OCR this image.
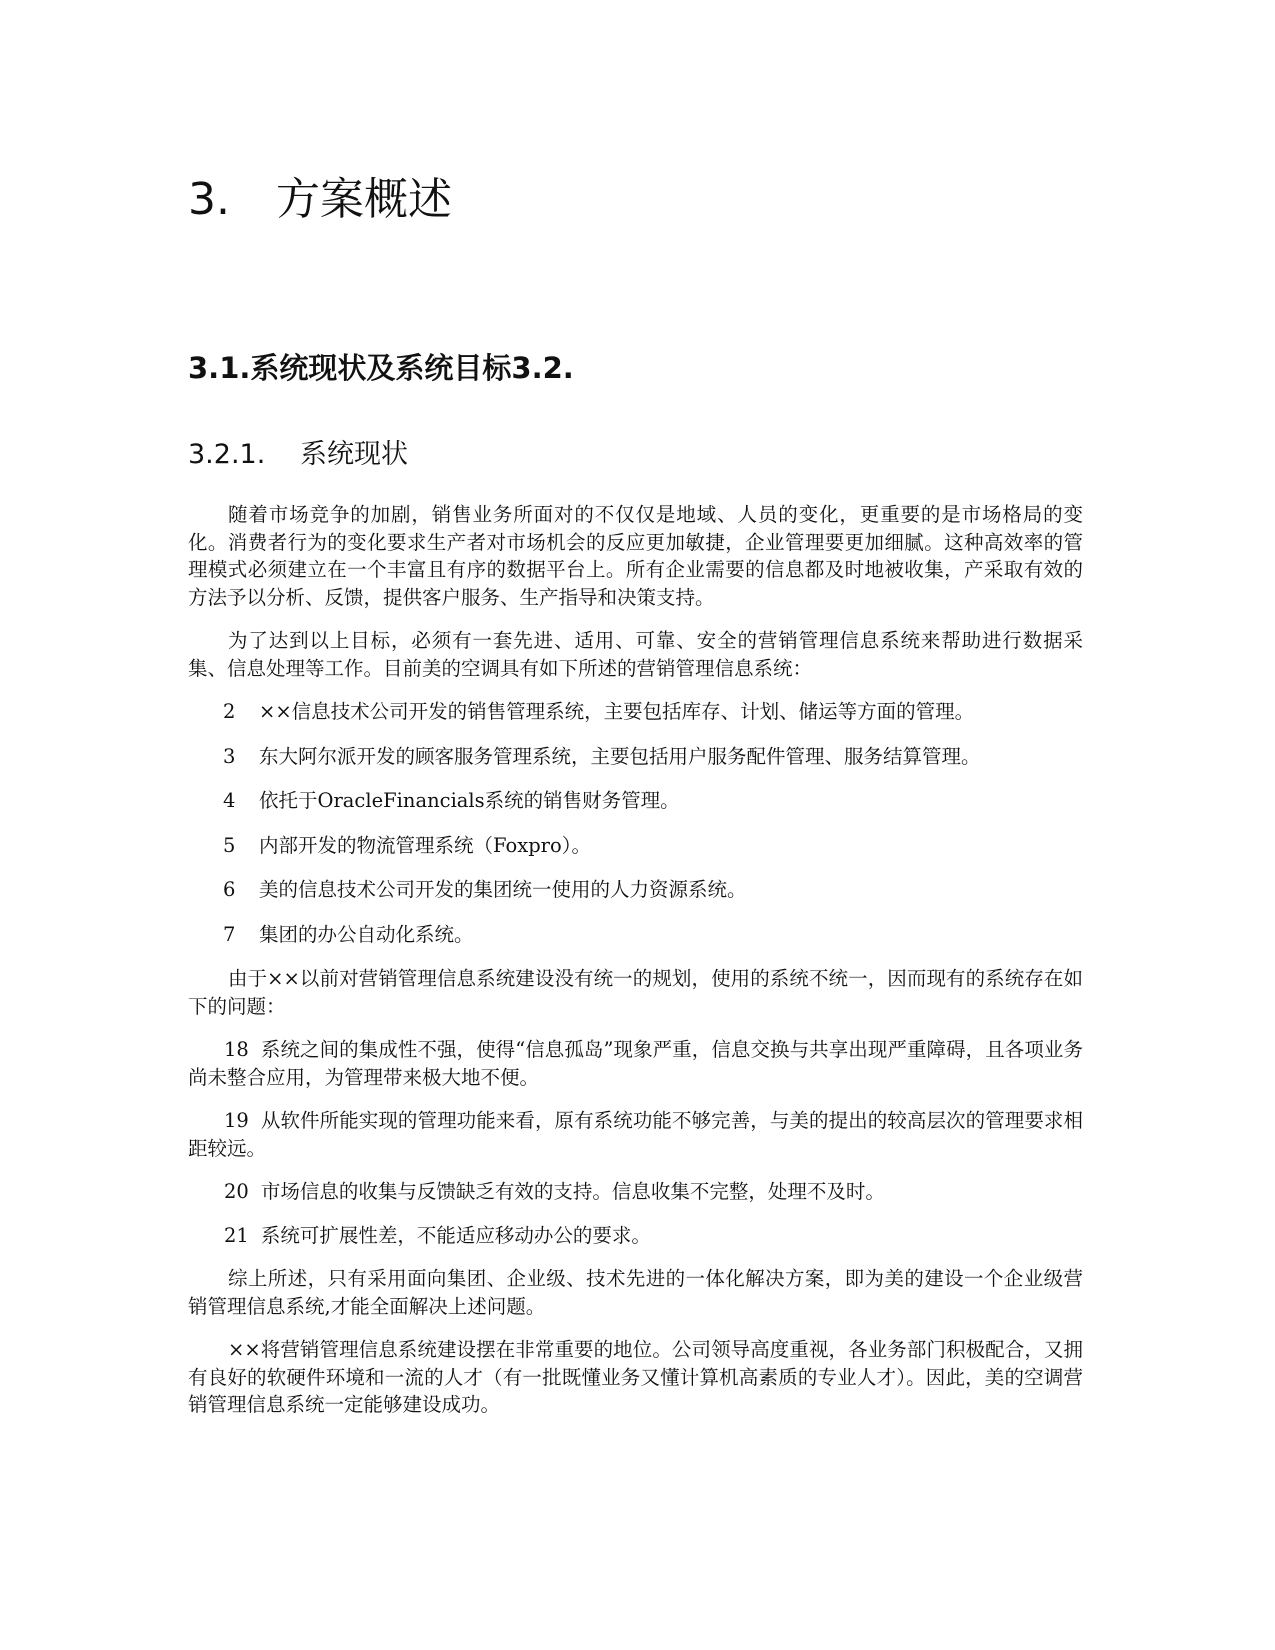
3. 方案概述
3.1.系统现状及系统目标3.2.
3.2.1. 系统现状

随着市场竞争的加剧，销售业务所面对的不仅仅是地域、人员的变化，更重要的是市场格局的变化。消费者行为的变化要求生产者对市场机会的反应更加敏捷，企业管理要更加细腻。这种高效率的管理模式必须建立在一个丰富且有序的数据平台上。所有企业需要的信息都及时地被收集，产采取有效的方法予以分析、反馈，提供客户服务、生产指导和决策支持。

为了达到以上目标，必须有一套先进、适用、可靠、安全的营销管理信息系统来帮助进行数据采集、信息处理等工作。目前美的空调具有如下所述的营销管理信息系统：

2	××信息技术公司开发的销售管理系统，主要包括库存、计划、储运等方面的管理。
3	东大阿尔派开发的顾客服务管理系统，主要包括用户服务配件管理、服务结算管理。
4	依托于OracleFinancials系统的销售财务管理。
5	内部开发的物流管理系统（Foxpro）。
6	美的信息技术公司开发的集团统一使用的人力资源系统。
7	集团的办公自动化系统。

由于××以前对营销管理信息系统建设没有统一的规划，使用的系统不统一，因而现有的系统存在如下的问题：

18 系统之间的集成性不强，使得“信息孤岛”现象严重，信息交换与共享出现严重障碍，且各项业务尚未整合应用，为管理带来极大地不便。

19 从软件所能实现的管理功能来看，原有系统功能不够完善，与美的提出的较高层次的管理要求相距较远。

20 市场信息的收集与反馈缺乏有效的支持。信息收集不完整，处理不及时。

21 系统可扩展性差，不能适应移动办公的要求。

综上所述，只有采用面向集团、企业级、技术先进的一体化解决方案，即为美的建设一个企业级营销管理信息系统,才能全面解决上述问题。

××将营销管理信息系统建设摆在非常重要的地位。公司领导高度重视，各业务部门积极配合，又拥有良好的软硬件环境和一流的人才（有一批既懂业务又懂计算机高素质的专业人才）。因此，美的空调营销管理信息系统一定能够建设成功。
